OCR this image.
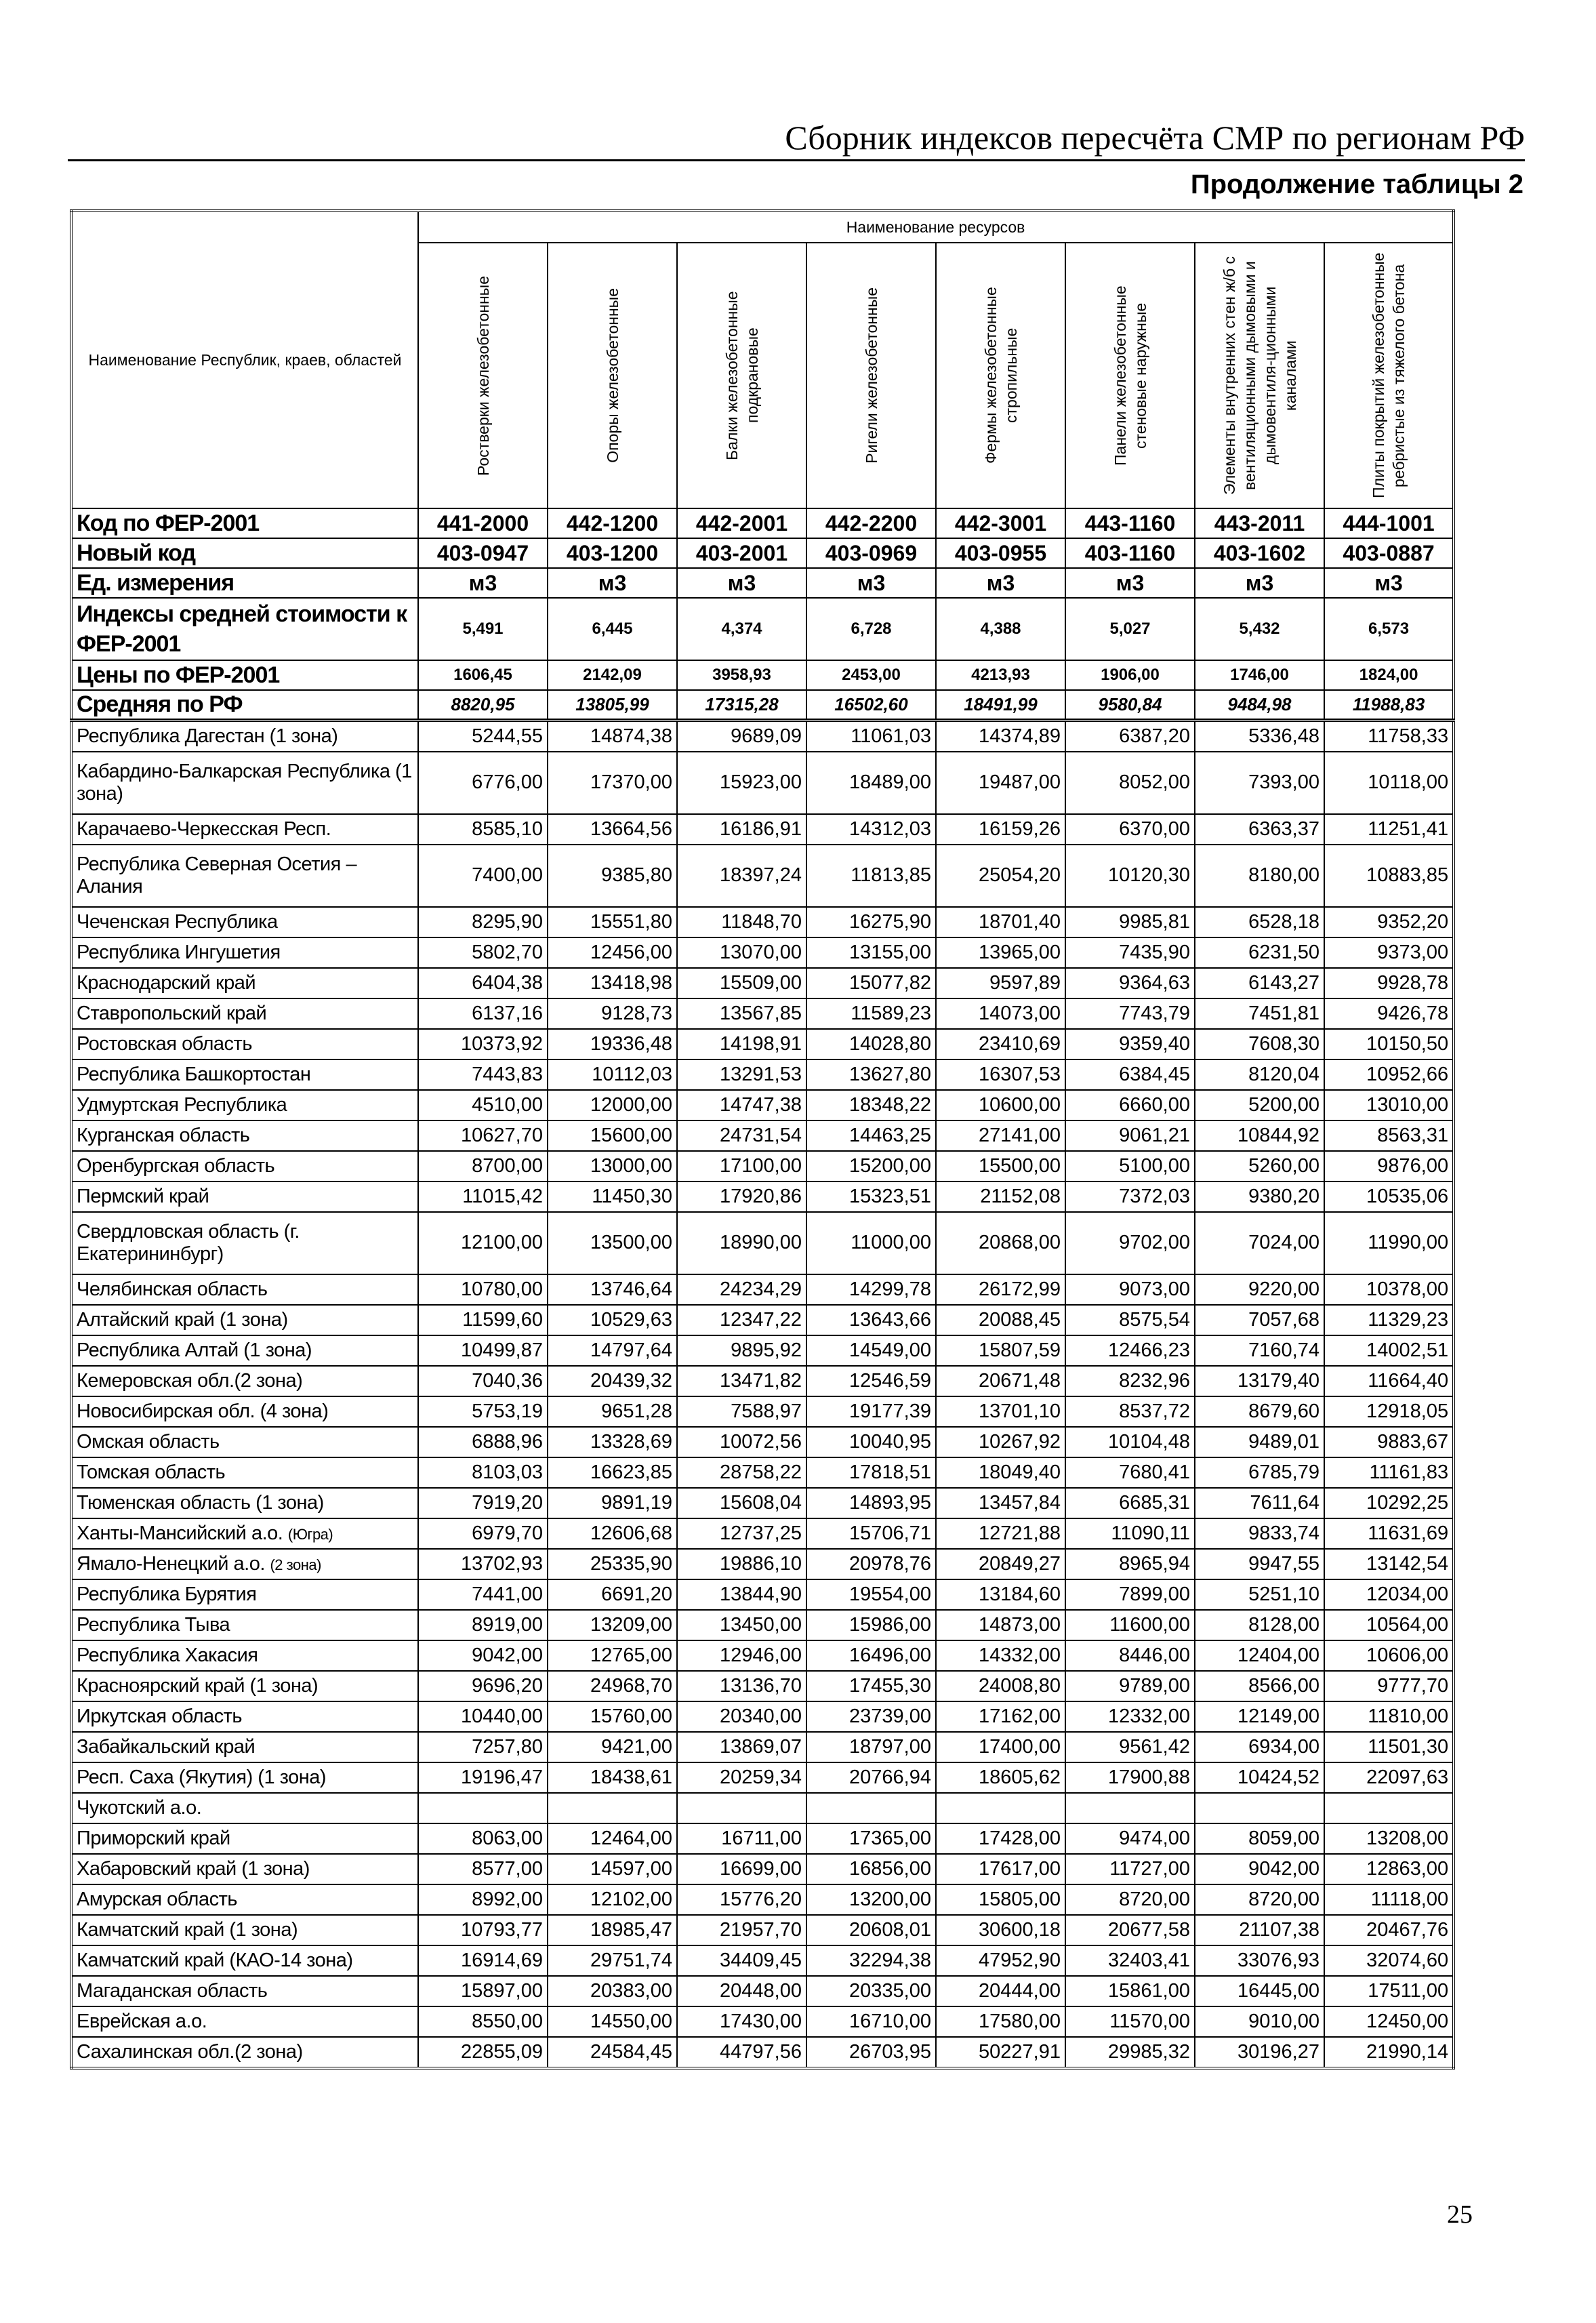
Сборник индексов пересчёта СМР по регионам РФ
Продолжение таблицы 2
Наименование Республик, краев, областей	Наименование ресурсов							

	Ростверки железобетонные	Опоры железобетонные	Балки железобетонные подкрановые	Ригели железобетонные	Фермы железобетонные стропильные	Панели железобетонные стеновые наружные	Элементы внутренних стен ж/б с вентиляционными дымовыми и дымовентиля-ционными каналами	Плиты покрытий железобетонные ребристые из тяжелого бетона

Код по ФЕР-2001	441-2000	442-1200	442-2001	442-2200	442-3001	443-1160	443-2011	444-1001
Новый код	403-0947	403-1200	403-2001	403-0969	403-0955	403-1160	403-1602	403-0887
Ед. измерения	м3	м3	м3	м3	м3	м3	м3	м3
Индексы средней стоимости к ФЕР-2001	5,491	6,445	4,374	6,728	4,388	5,027	5,432	6,573
Цены по ФЕР-2001	1606,45	2142,09	3958,93	2453,00	4213,93	1906,00	1746,00	1824,00
Средняя по РФ	8820,95	13805,99	17315,28	16502,60	18491,99	9580,84	9484,98	11988,83
Республика Дагестан (1 зона)	5244,55	14874,38	9689,09	11061,03	14374,89	6387,20	5336,48	11758,33
Кабардино-Балкарская Республика (1 зона)	6776,00	17370,00	15923,00	18489,00	19487,00	8052,00	7393,00	10118,00
Карачаево-Черкесская Респ.	8585,10	13664,56	16186,91	14312,03	16159,26	6370,00	6363,37	11251,41
Республика Северная Осетия – Алания	7400,00	9385,80	18397,24	11813,85	25054,20	10120,30	8180,00	10883,85
Чеченская Республика	8295,90	15551,80	11848,70	16275,90	18701,40	9985,81	6528,18	9352,20
Республика Ингушетия	5802,70	12456,00	13070,00	13155,00	13965,00	7435,90	6231,50	9373,00
Краснодарский край	6404,38	13418,98	15509,00	15077,82	9597,89	9364,63	6143,27	9928,78
Ставропольский край	6137,16	9128,73	13567,85	11589,23	14073,00	7743,79	7451,81	9426,78
Ростовская область	10373,92	19336,48	14198,91	14028,80	23410,69	9359,40	7608,30	10150,50
Республика Башкортостан	7443,83	10112,03	13291,53	13627,80	16307,53	6384,45	8120,04	10952,66
Удмуртская Республика	4510,00	12000,00	14747,38	18348,22	10600,00	6660,00	5200,00	13010,00
Курганская область	10627,70	15600,00	24731,54	14463,25	27141,00	9061,21	10844,92	8563,31
Оренбургская область	8700,00	13000,00	17100,00	15200,00	15500,00	5100,00	5260,00	9876,00
Пермский край	11015,42	11450,30	17920,86	15323,51	21152,08	7372,03	9380,20	10535,06
Свердловская область (г. Екатерининбург)	12100,00	13500,00	18990,00	11000,00	20868,00	9702,00	7024,00	11990,00
Челябинская область	10780,00	13746,64	24234,29	14299,78	26172,99	9073,00	9220,00	10378,00
Алтайский край (1 зона)	11599,60	10529,63	12347,22	13643,66	20088,45	8575,54	7057,68	11329,23
Республика Алтай (1 зона)	10499,87	14797,64	9895,92	14549,00	15807,59	12466,23	7160,74	14002,51
Кемеровская обл.(2 зона)	7040,36	20439,32	13471,82	12546,59	20671,48	8232,96	13179,40	11664,40
Новосибирская обл. (4 зона)	5753,19	9651,28	7588,97	19177,39	13701,10	8537,72	8679,60	12918,05
Омская область	6888,96	13328,69	10072,56	10040,95	10267,92	10104,48	9489,01	9883,67
Томская область	8103,03	16623,85	28758,22	17818,51	18049,40	7680,41	6785,79	11161,83
Тюменская область (1 зона)	7919,20	9891,19	15608,04	14893,95	13457,84	6685,31	7611,64	10292,25
Ханты-Мансийский а.о. (Югра)	6979,70	12606,68	12737,25	15706,71	12721,88	11090,11	9833,74	11631,69
Ямало-Ненецкий а.о. (2 зона)	13702,93	25335,90	19886,10	20978,76	20849,27	8965,94	9947,55	13142,54
Республика Бурятия	7441,00	6691,20	13844,90	19554,00	13184,60	7899,00	5251,10	12034,00
Республика Тыва	8919,00	13209,00	13450,00	15986,00	14873,00	11600,00	8128,00	10564,00
Республика Хакасия	9042,00	12765,00	12946,00	16496,00	14332,00	8446,00	12404,00	10606,00
Красноярский край (1 зона)	9696,20	24968,70	13136,70	17455,30	24008,80	9789,00	8566,00	9777,70
Иркутская область	10440,00	15760,00	20340,00	23739,00	17162,00	12332,00	12149,00	11810,00
Забайкальский край	7257,80	9421,00	13869,07	18797,00	17400,00	9561,42	6934,00	11501,30
Респ. Саха (Якутия) (1 зона)	19196,47	18438,61	20259,34	20766,94	18605,62	17900,88	10424,52	22097,63
Чукотский а.о.								
Приморский край	8063,00	12464,00	16711,00	17365,00	17428,00	9474,00	8059,00	13208,00
Хабаровский край (1 зона)	8577,00	14597,00	16699,00	16856,00	17617,00	11727,00	9042,00	12863,00
Амурская область	8992,00	12102,00	15776,20	13200,00	15805,00	8720,00	8720,00	11118,00
Камчатский край (1 зона)	10793,77	18985,47	21957,70	20608,01	30600,18	20677,58	21107,38	20467,76
Камчатский край (КАО-14 зона)	16914,69	29751,74	34409,45	32294,38	47952,90	32403,41	33076,93	32074,60
Магаданская область	15897,00	20383,00	20448,00	20335,00	20444,00	15861,00	16445,00	17511,00
Еврейская а.о.	8550,00	14550,00	17430,00	16710,00	17580,00	11570,00	9010,00	12450,00
Сахалинская обл.(2 зона)	22855,09	24584,45	44797,56	26703,95	50227,91	29985,32	30196,27	21990,14
25
